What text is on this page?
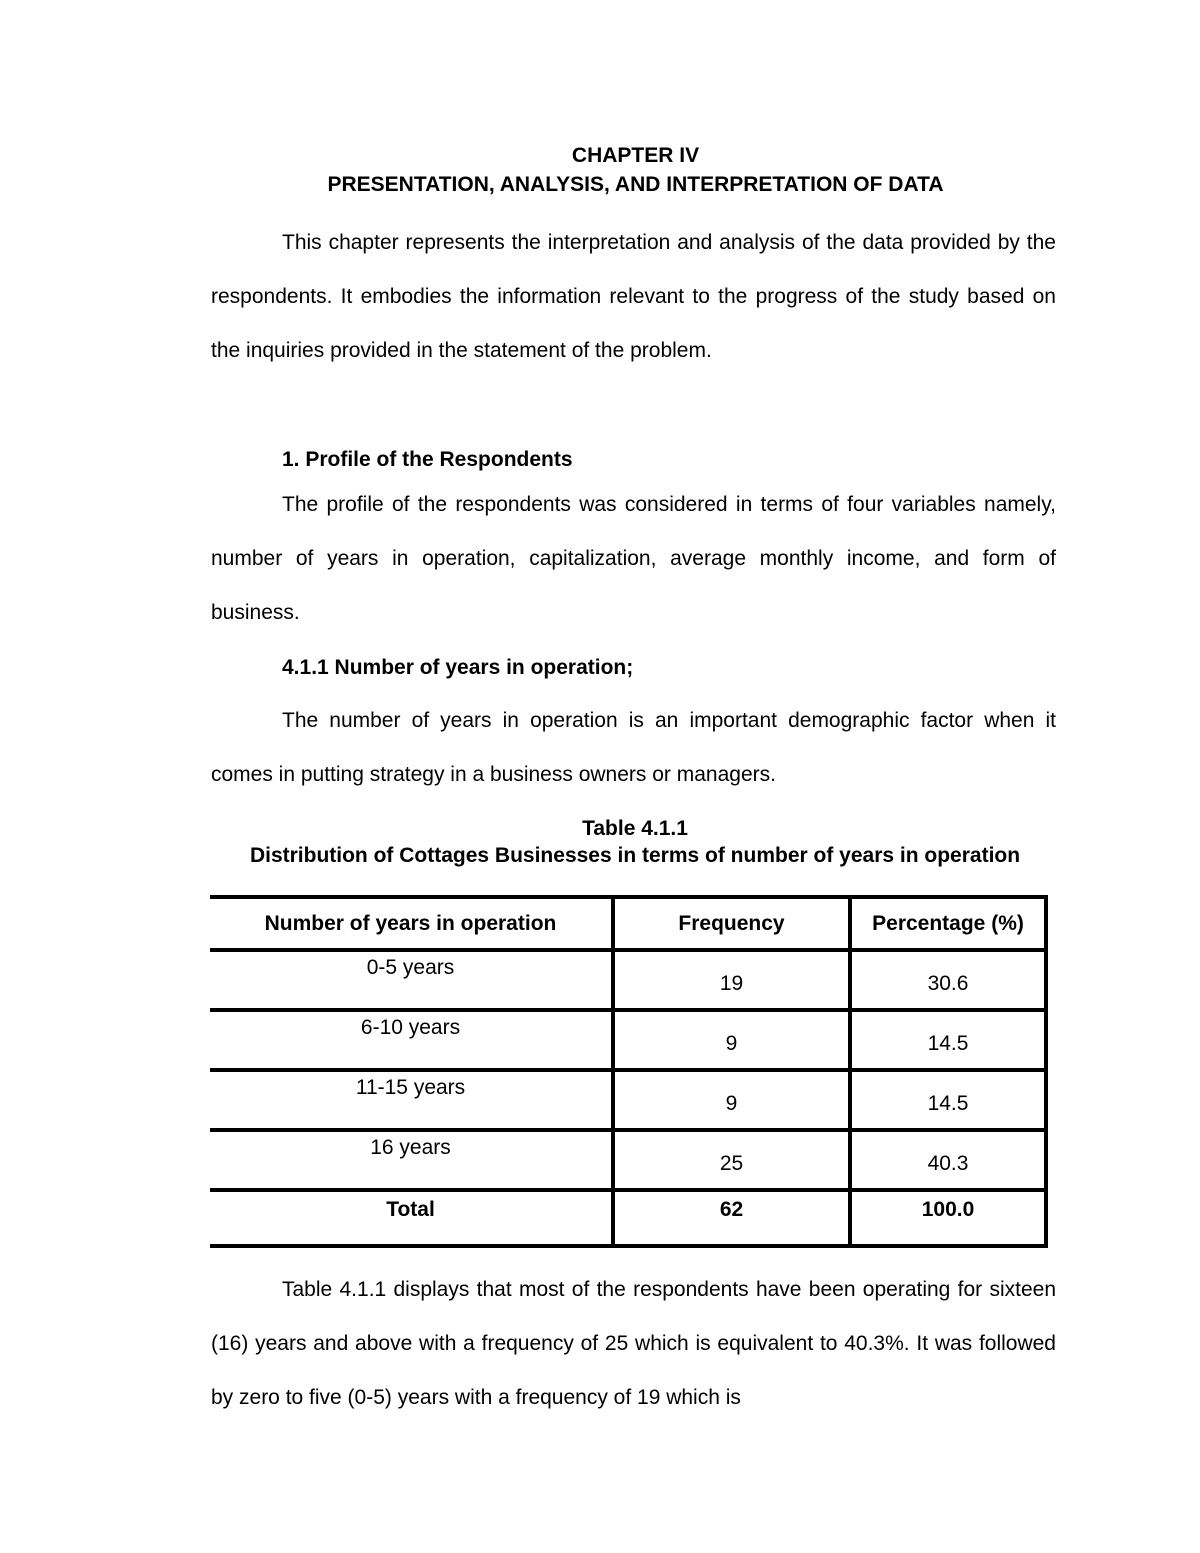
CHAPTER IV
PRESENTATION, ANALYSIS, AND INTERPRETATION OF DATA

This chapter represents the interpretation and analysis of the data provided by the respondents. It embodies the information relevant to the progress of the study based on the inquiries provided in the statement of the problem.

1. Profile of the Respondents

The profile of the respondents was considered in terms of four variables namely, number of years in operation, capitalization, average monthly income, and form of business.

4.1.1 Number of years in operation;

The number of years in operation is an important demographic factor when it comes in putting strategy in a business owners or managers.

Table 4.1.1
Distribution of Cottages Businesses in terms of number of years in operation
Number of years in operation	Frequency	Percentage (%)
0-5 years	19	30.6
6-10 years	9	14.5
11-15 years	9	14.5
16 years	25	40.3
Total	62	100.0

Table 4.1.1 displays that most of the respondents have been operating for sixteen (16) years and above with a frequency of 25 which is equivalent to 40.3%. It was followed by zero to five (0-5) years with a frequency of 19 which is
